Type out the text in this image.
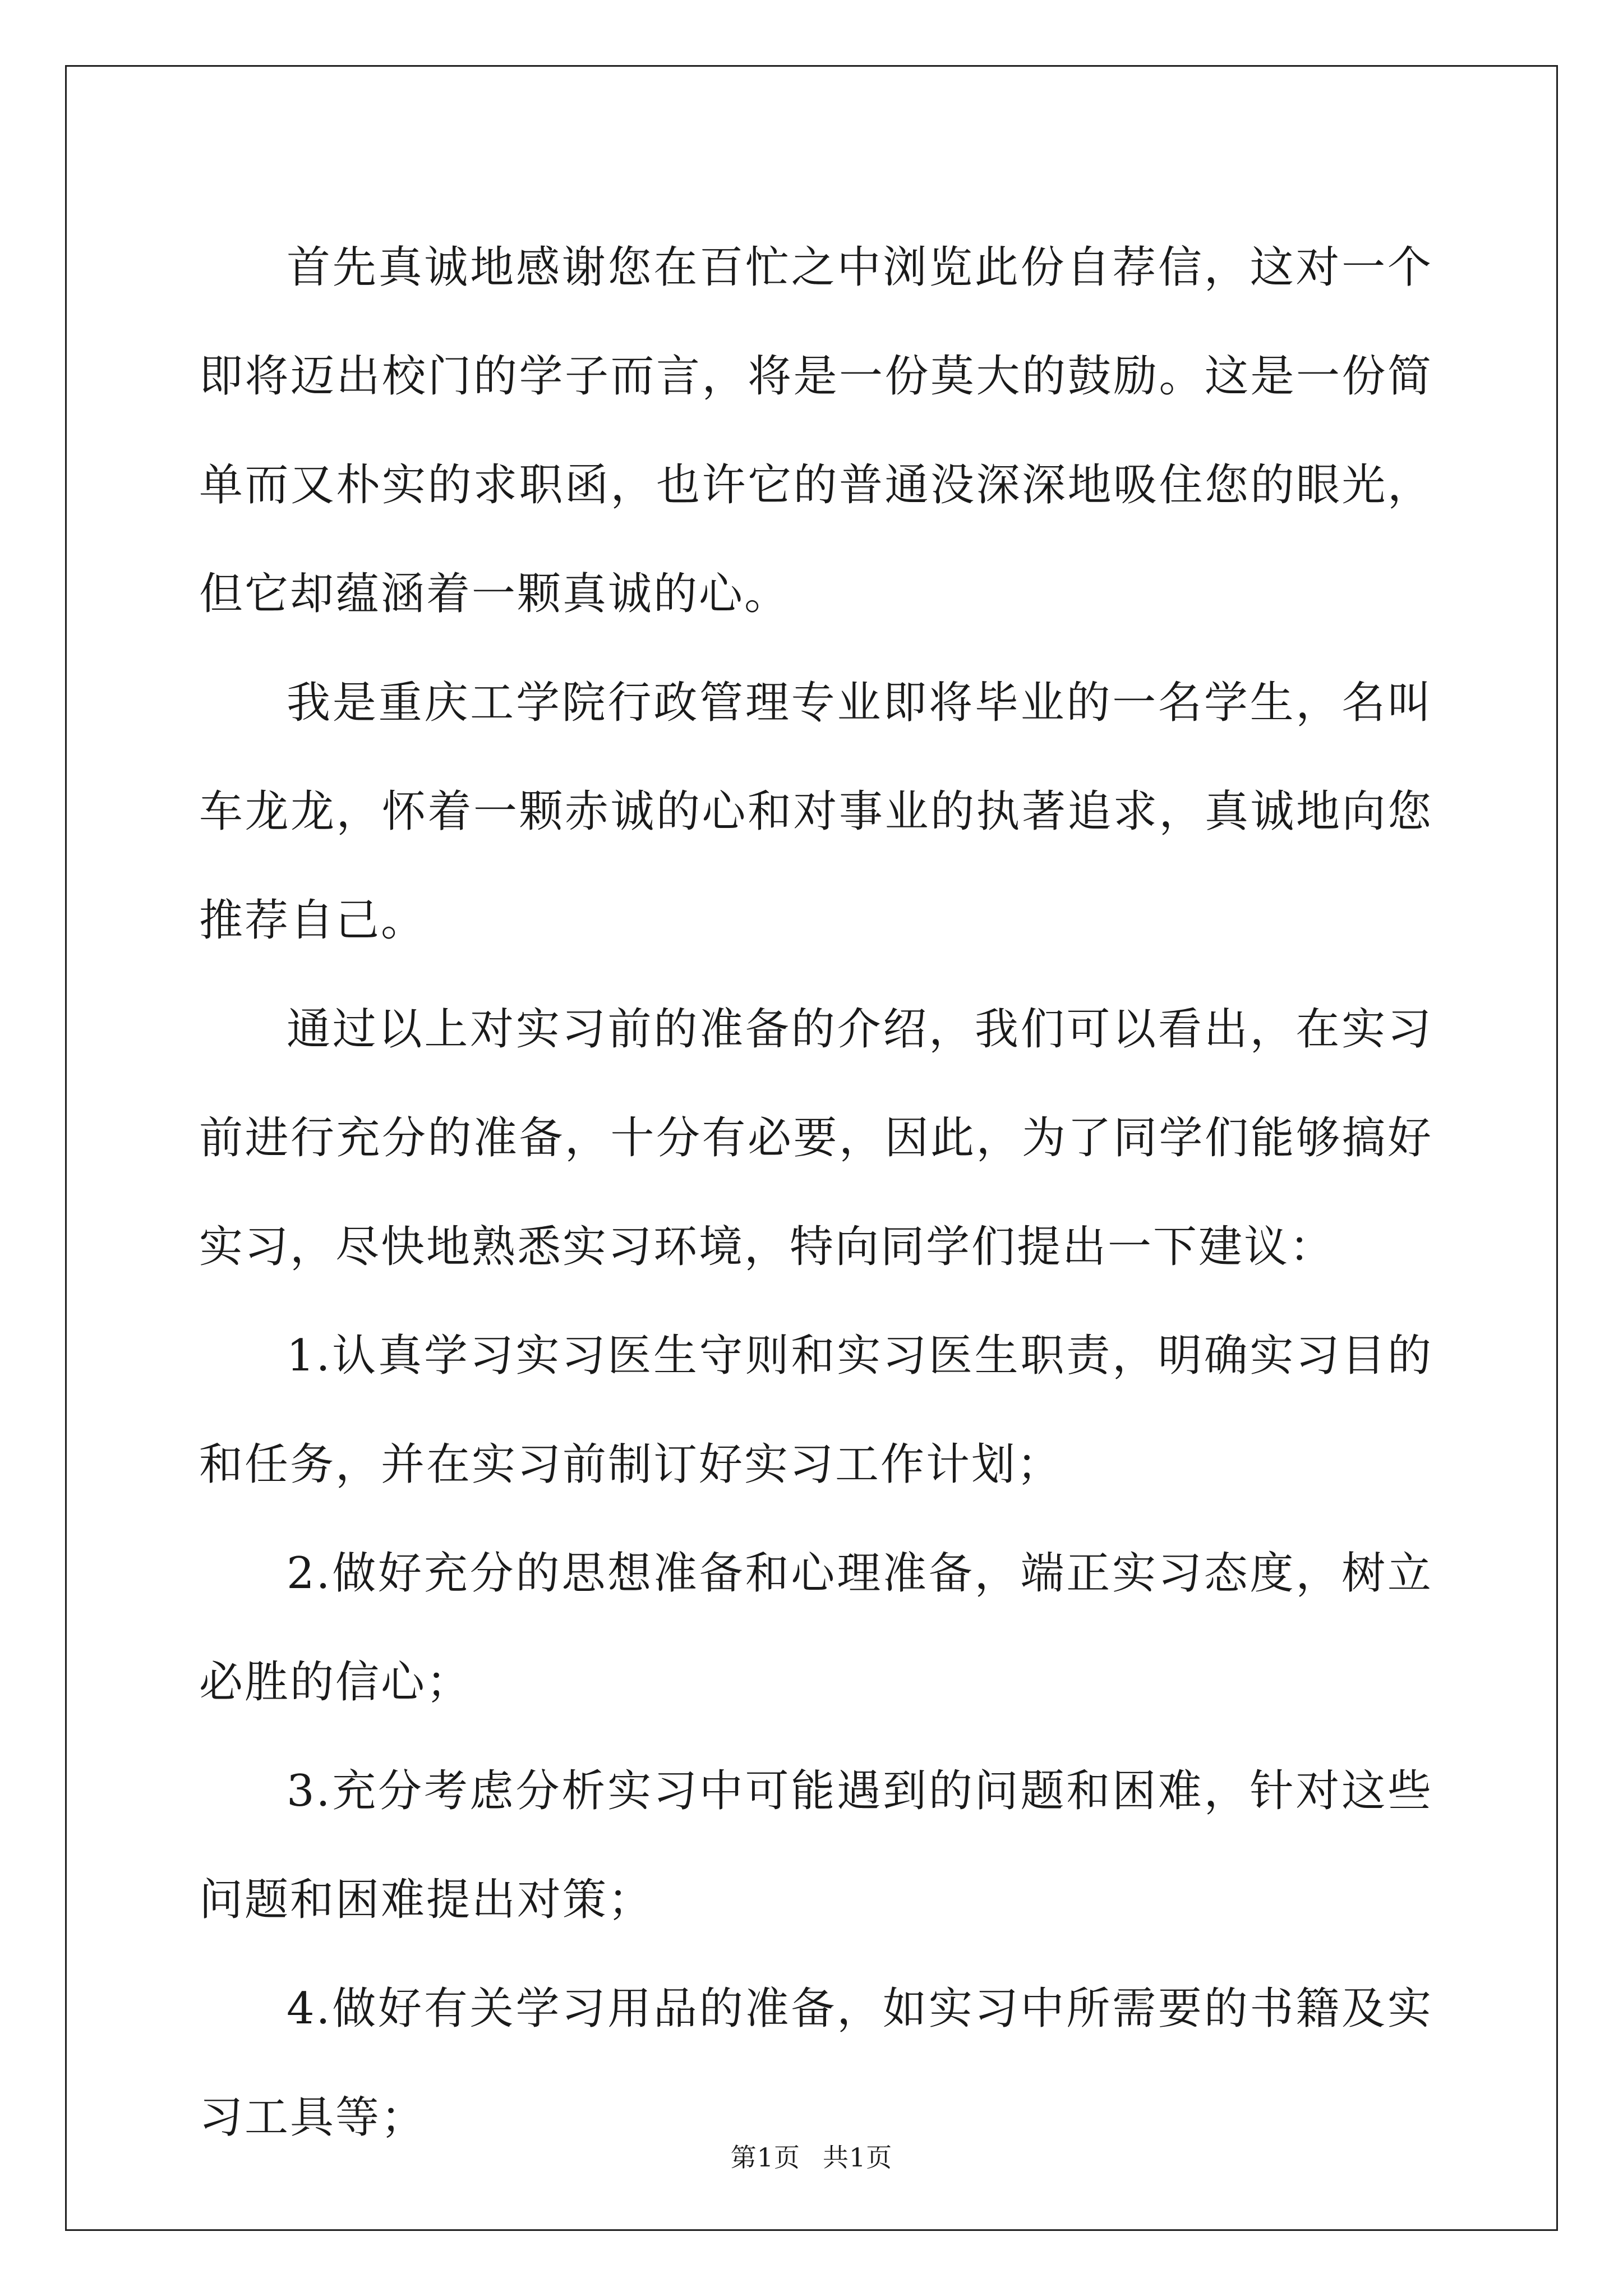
首先真诚地感谢您在百忙之中浏览此份自荐信，这对一个即将迈出校门的学子而言，将是一份莫大的鼓励。这是一份简单而又朴实的求职函，也许它的普通没深深地吸住您的眼光，但它却蕴涵着一颗真诚的心。

我是重庆工学院行政管理专业即将毕业的一名学生，名叫车龙龙，怀着一颗赤诚的心和对事业的执著追求，真诚地向您推荐自己。

通过以上对实习前的准备的介绍，我们可以看出，在实习前进行充分的准备，十分有必要，因此，为了同学们能够搞好实习，尽快地熟悉实习环境，特向同学们提出一下建议：

1.认真学习实习医生守则和实习医生职责，明确实习目的和任务，并在实习前制订好实习工作计划；

2.做好充分的思想准备和心理准备，端正实习态度，树立必胜的信心；

3.充分考虑分析实习中可能遇到的问题和困难，针对这些问题和困难提出对策；

4.做好有关学习用品的准备，如实习中所需要的书籍及实习工具等；

第1页 共1页
